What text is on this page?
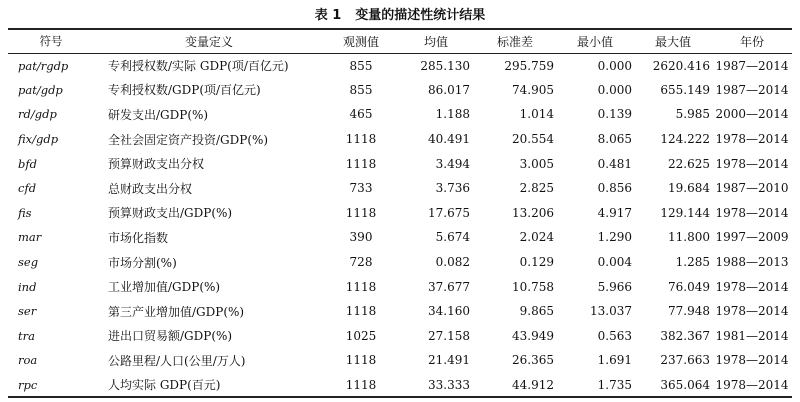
表 1 变量的描述性统计结果
符号	变量定义	观测值	均值	标准差	最小值	最大值	年份
pat/rgdp	专利授权数/实际 GDP(项/百亿元)	855	285.130	295.759	0.000	2620.416	1987—2014
pat/gdp	专利授权数/GDP(项/百亿元)	855	86.017	74.905	0.000	655.149	1987—2014
rd/gdp	研发支出/GDP(%)	465	1.188	1.014	0.139	5.985	2000—2014
fix/gdp	全社会固定资产投资/GDP(%)	1118	40.491	20.554	8.065	124.222	1978—2014
bfd	预算财政支出分权	1118	3.494	3.005	0.481	22.625	1978—2014
cfd	总财政支出分权	733	3.736	2.825	0.856	19.684	1987—2010
fis	预算财政支出/GDP(%)	1118	17.675	13.206	4.917	129.144	1978—2014
mar	市场化指数	390	5.674	2.024	1.290	11.800	1997—2009
seg	市场分割(%)	728	0.082	0.129	0.004	1.285	1988—2013
ind	工业增加值/GDP(%)	1118	37.677	10.758	5.966	76.049	1978—2014
ser	第三产业增加值/GDP(%)	1118	34.160	9.865	13.037	77.948	1978—2014
tra	进出口贸易额/GDP(%)	1025	27.158	43.949	0.563	382.367	1981—2014
roa	公路里程/人口(公里/万人)	1118	21.491	26.365	1.691	237.663	1978—2014
rpc	人均实际 GDP(百元)	1118	33.333	44.912	1.735	365.064	1978—2014
